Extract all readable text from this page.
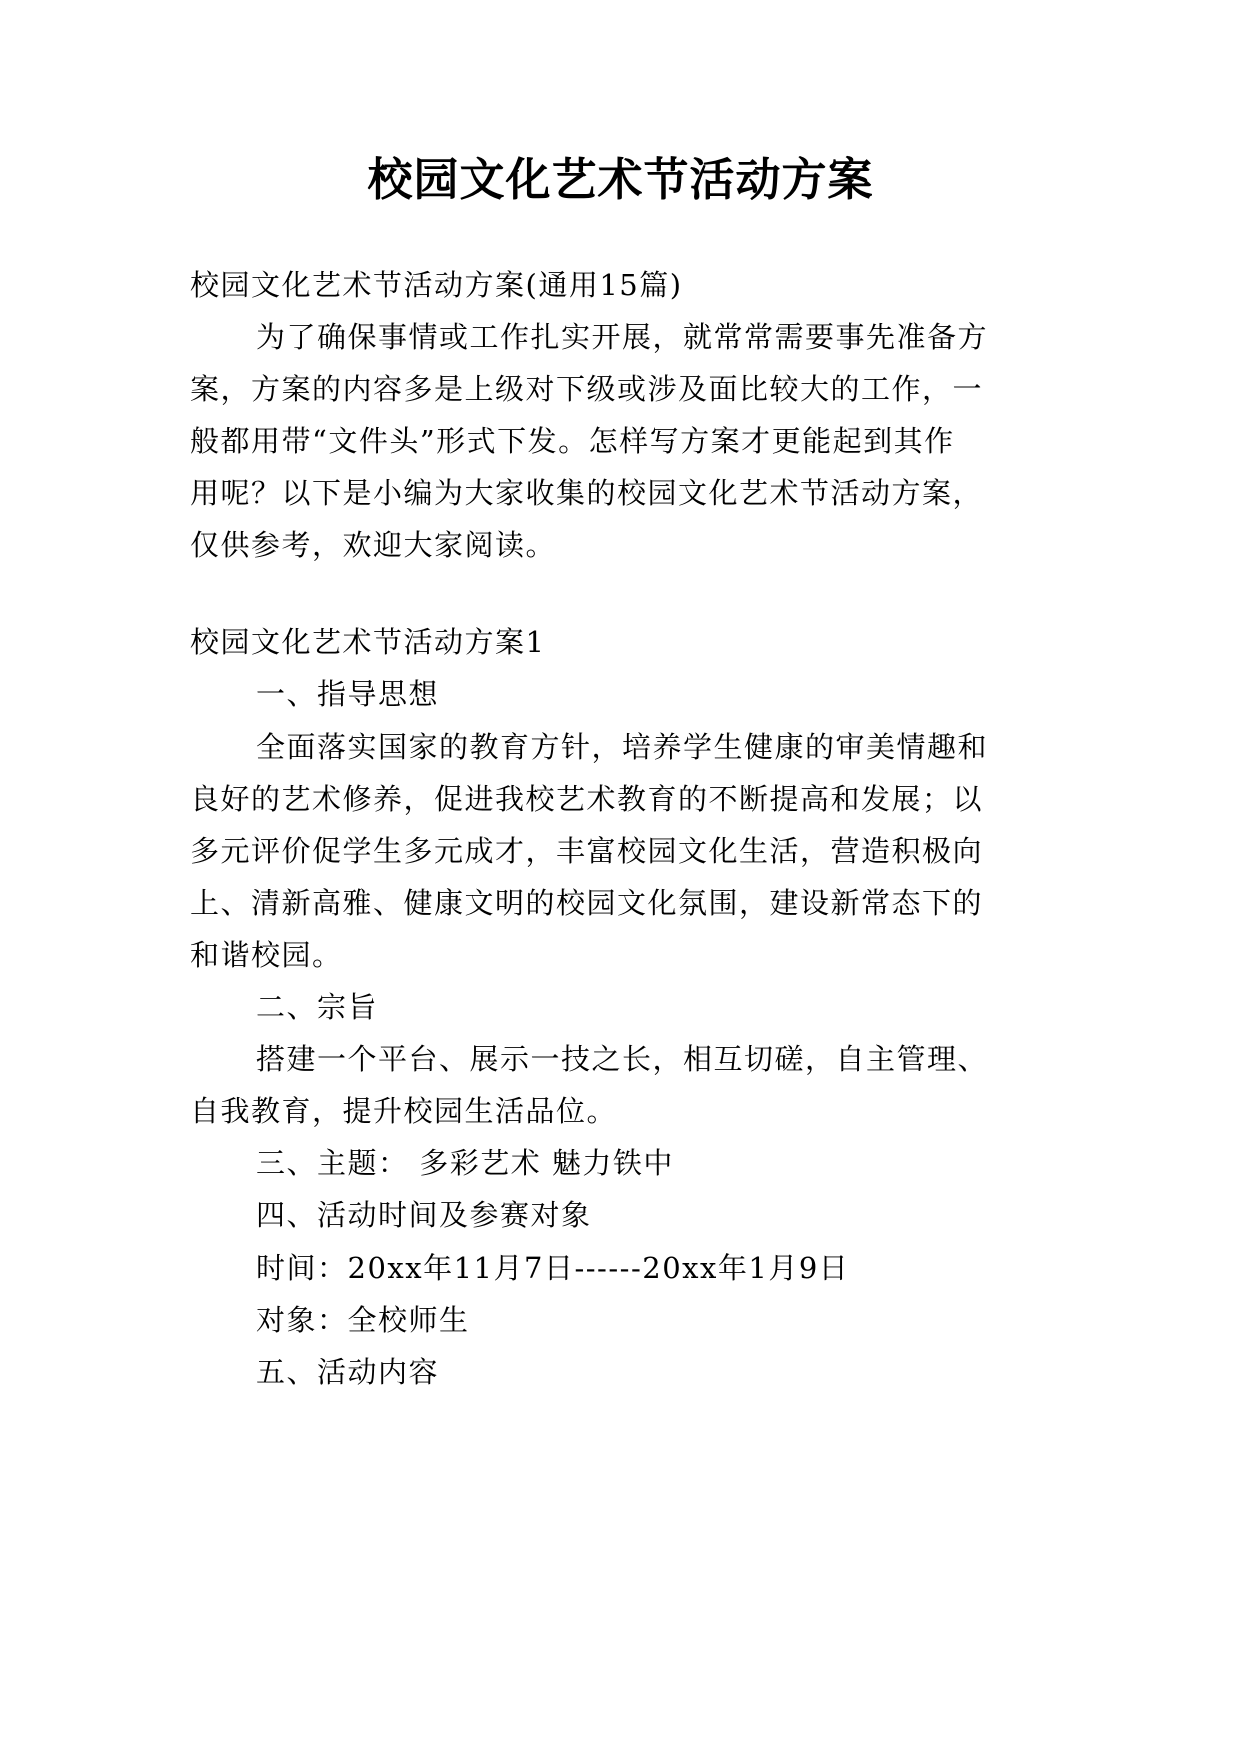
校园文化艺术节活动方案
校园文化艺术节活动方案(通用15篇)
为了确保事情或工作扎实开展，就常常需要事先准备方
案，方案的内容多是上级对下级或涉及面比较大的工作，一
般都用带“文件头”形式下发。怎样写方案才更能起到其作
用呢？以下是小编为大家收集的校园文化艺术节活动方案，
仅供参考，欢迎大家阅读。
校园文化艺术节活动方案1
一、指导思想
全面落实国家的教育方针，培养学生健康的审美情趣和
良好的艺术修养，促进我校艺术教育的不断提高和发展；以
多元评价促学生多元成才，丰富校园文化生活，营造积极向
上、清新高雅、健康文明的校园文化氛围，建设新常态下的
和谐校园。
二、宗旨
搭建一个平台、展示一技之长，相互切磋，自主管理、
自我教育，提升校园生活品位。
三、主题： 多彩艺术 魅力铁中
四、活动时间及参赛对象
时间：20xx年11月7日------20xx年1月9日
对象：全校师生
五、活动内容
